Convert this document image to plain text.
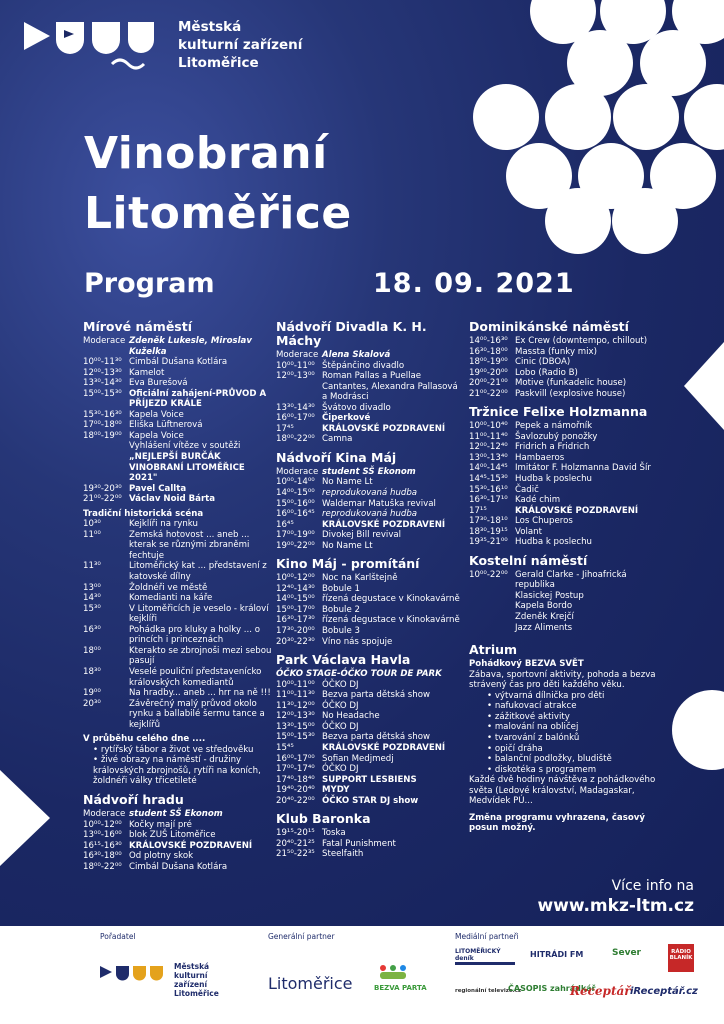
Městská
kulturní zařízení
Litoměřice
Vinobraní
Litoměřice
Program	18. 09. 2021
Mírové náměstí
Moderace Zdeněk Lukesle, Miroslav Kuželka
10⁰⁰-11³⁰ Cimbál Dušana Kotlára
12⁰⁰-13³⁰ Kamelot
13³⁰-14³⁰ Eva Burešová
15⁰⁰-15³⁰ Oficiální zahájení-PRŮVOD A PŘÍJEZD KRÁLE
15³⁰-16³⁰ Kapela Voice
17⁰⁰-18⁰⁰ Eliška Lüftnerová
18⁰⁰-19⁰⁰ Kapela Voice
Vyhlášení vítěze v soutěži
„NEJLEPŠÍ BURČÁK VINOBRANÍ LITOMĚŘICE 2021"
19³⁰-20³⁰ Pavel Callta
21⁰⁰-22⁰⁰ Václav Noid Bárta
Tradiční historická scéna
10³⁰	Kejklíři na rynku
11⁰⁰	Zemská hotovost ... aneb ... kterak se různými zbraněmi fechtuje
11³⁰	Litoměřický kat ... představení z katovské dílny
13⁰⁰	Žoldnéři ve městě
14³⁰	Komedianti na káře
15³⁰	V Litoměřicích je veselo - královí kejklíři
16³⁰	Pohádka pro kluky a holky ... o princích i princeznách
18⁰⁰	Kterakto se zbrojnoši mezi sebou pasují
18³⁰	Veselé pouliční představenícko královských komediantů
19⁰⁰	Na hradby... aneb ... hrr na ně !!!
20³⁰	Závěrečný malý průvod okolo rynku a ballabilé šermu tance a kejklířů
V průběhu celého dne ....
• rytířský tábor a život ve středověku
• živé obrazy na náměstí - družiny královských zbrojnošů, rytíři na koních, žoldnéři války třicetileté
Nádvoří hradu
Moderace student SŠ Ekonom
10⁰⁰-12⁰⁰ Kočky mají pré
13⁰⁰-16⁰⁰ blok ZUŠ Litoměřice
16¹⁵-16³⁰ KRÁLOVSKÉ POZDRAVENÍ
16³⁰-18⁰⁰ Od plotny skok
18⁰⁰-22⁰⁰ Cimbál Dušana Kotlára
Nádvoří Divadla K. H. Máchy
Moderace Alena Skalová
10⁰⁰-11⁰⁰ Štěpánčino divadlo
12⁰⁰-13⁰⁰ Roman Pallas a Puellae Cantantes, Alexandra Pallasová a Modrásci
13³⁰-14³⁰ Švátovo divadlo
16⁰⁰-17⁰⁰ Čiperkové
17⁴⁵	KRÁLOVSKÉ POZDRAVENÍ
18⁰⁰-22⁰⁰ Camna
Nádvoří Kina Máj
Moderace student SŠ Ekonom
10⁰⁰-14⁰⁰ No Name Lt
14⁰⁰-15⁰⁰ reprodukovaná hudba
15⁰⁰-16⁰⁰ Waldemar Matuška revival
16⁰⁰-16⁴⁵ reprodukovaná hudba
16⁴⁵	KRÁLOVSKÉ POZDRAVENÍ
17⁰⁰-19⁰⁰ Divokej Bill revival
19⁰⁰-22⁰⁰ No Name Lt
Kino Máj - promítání
10⁰⁰-12⁰⁰ Noc na Karlštejně
12⁴⁰-14³⁰ Bobule 1
14⁰⁰-15⁰⁰ řízená degustace v Kinokavárně
15⁰⁰-17⁰⁰ Bobule 2
16³⁰-17³⁰ řízená degustace v Kinokavárně
17³⁰-20⁰⁰ Bobule 3
20³⁰-22³⁰ Víno nás spojuje
Park Václava Havla
ÓČKO STAGE-ÓČKO TOUR DE PARK
10⁰⁰-11⁰⁰ ÓČKO DJ
11⁰⁰-11³⁰ Bezva parta dětská show
11³⁰-12⁰⁰ ÓČKO DJ
12⁰⁰-13³⁰ No Headache
13³⁰-15⁰⁰ ÓČKO DJ
15⁰⁰-15³⁰ Bezva parta dětská show
15⁴⁵	KRÁLOVSKÉ POZDRAVENÍ
16⁰⁰-17⁰⁰ Sofian Medjmedj
17⁰⁰-17⁴⁰ ÓČKO DJ
17⁴⁰-18⁴⁰ SUPPORT LESBIENS
19⁴⁰-20⁴⁰ MYDY
20⁴⁰-22⁰⁰ ÓČKO STAR DJ show
Klub Baronka
19¹⁵-20¹⁵ Toska
20⁴⁰-21²⁵ Fatal Punishment
21⁵⁰-22³⁵ Steelfaith
Dominikánské náměstí
14⁰⁰-16³⁰ Ex Crew (downtempo, chillout)
16³⁰-18⁰⁰ Massta (funky mix)
18⁰⁰-19⁰⁰ Cinic (DBOA)
19⁰⁰-20⁰⁰ Lobo (Radio B)
20⁰⁰-21⁰⁰ Motive (funkadelic house)
21⁰⁰-22⁰⁰ Paskvill (explosive house)
Tržnice Felixe Holzmanna
10⁰⁰-10⁴⁰ Pepek a námořník
11⁰⁰-11⁴⁰ Šavlozubý ponožky
12⁰⁰-12⁴⁰ Fridrich a Fridrich
13⁰⁰-13⁴⁰ Hambaeros
14⁰⁰-14⁴⁵ Imitátor F. Holzmanna David Šír
14⁴⁵-15³⁰ Hudba k poslechu
15³⁰-16¹⁰ Čadič
16³⁰-17¹⁰ Kadé chim
17¹⁵	KRÁLOVSKÉ POZDRAVENÍ
17³⁰-18¹⁰ Los Chuperos
18³⁰-19¹⁵ Volant
19³⁵-21⁰⁰ Hudba k poslechu
Kostelní náměstí
10⁰⁰-22⁰⁰ Gerald Clarke - Jihoafrická republika
Klasickej Postup
Kapela Bordo
Zdeněk Krejčí
Jazz Aliments
Atrium
Pohádkový BEZVA SVĚT
Zábava, sportovní aktivity, pohoda a bezva strávený čas pro děti každého věku.
• výtvarná dílnička pro děti
• nafukovací atrakce
• zážitkové aktivity
• malování na obličej
• tvarování z balónků
• opičí dráha
• balanční podložky, bludiště
• diskotéka s programem
Každé dvě hodiny návštěva z pohádkového světa (Ledové království, Madagaskar, Medvídek PÚ...
Změna programu vyhrazena, časový posun možný.
Více info na
www.mkz-ltm.cz
Pořadatel	Generální partner	Mediální partneři
Městská kulturní zařízení Litoměřice
Litoměřice	BEZVA PARTA
LITOMĚŘICKÝ deník	HITRÁDI FM	Sever	RÁDIO BLANÍK
regionální televize.cz
ČASOPIS zahrádkář
Receptář iReceptář.cz
